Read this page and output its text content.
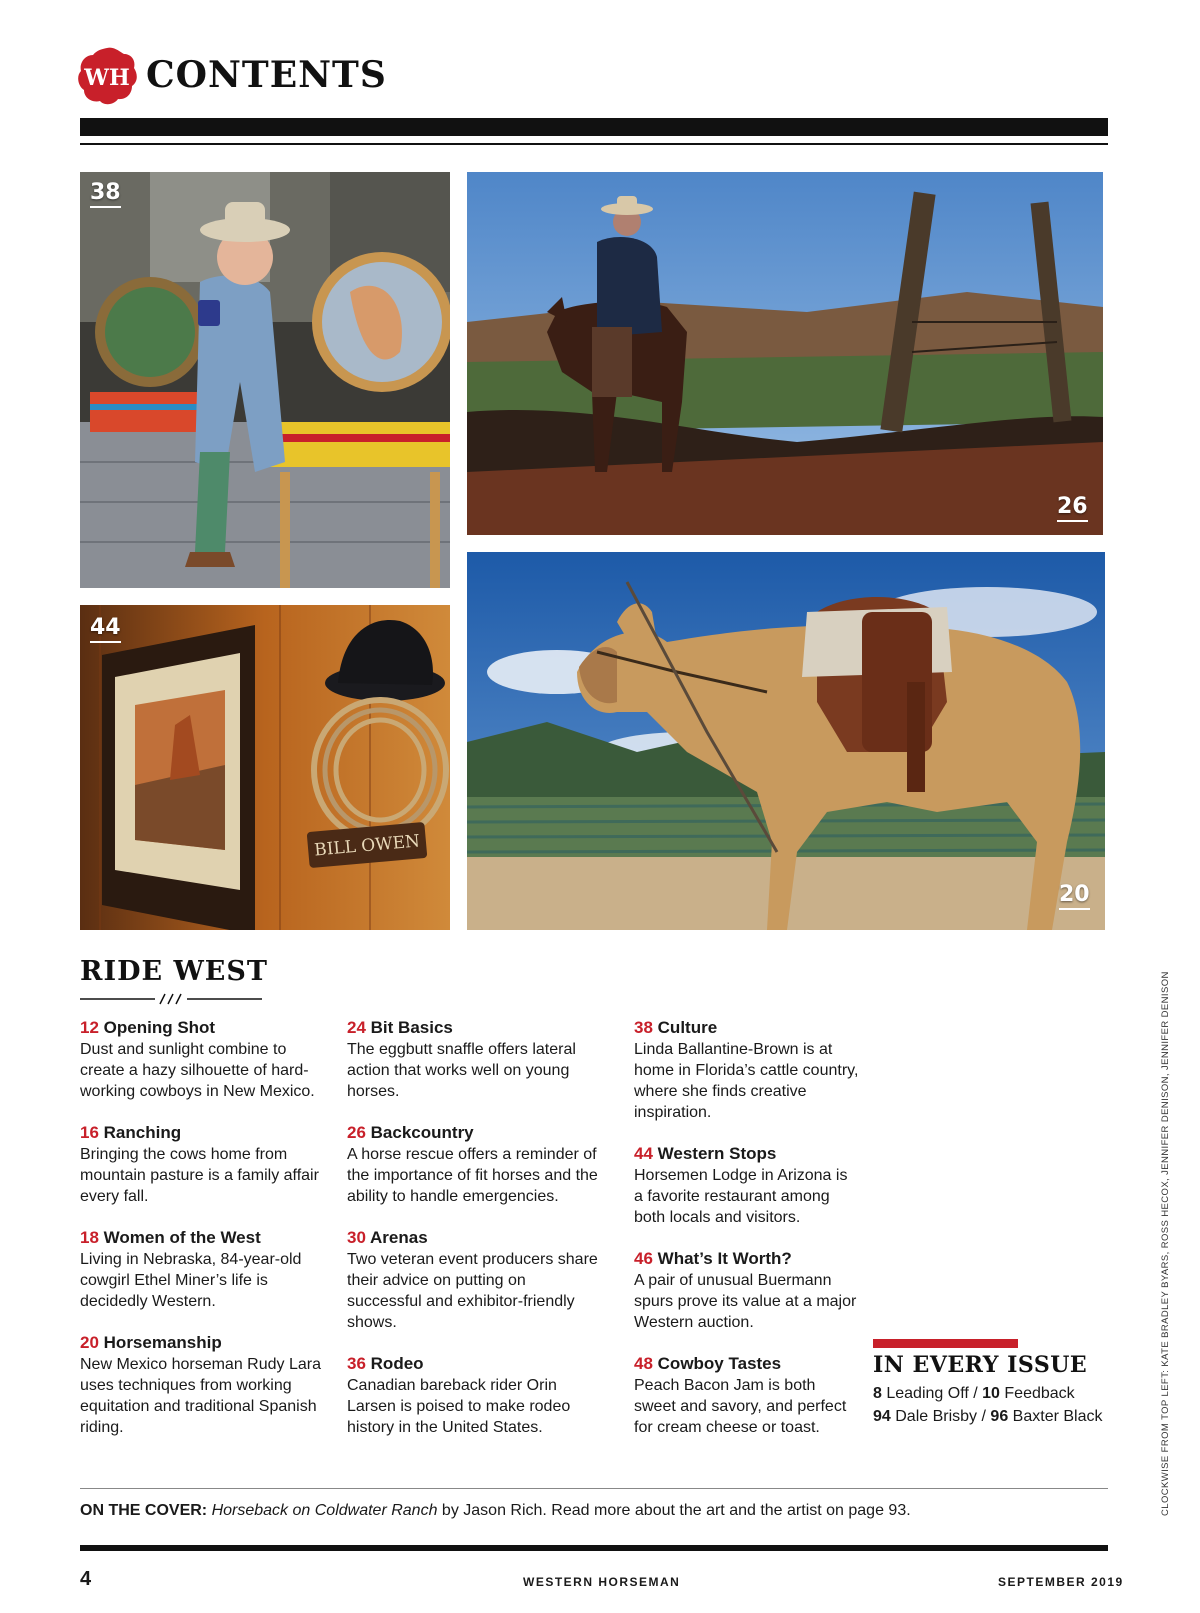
WH CONTENTS
38
26
BILL OWEN
44
20
RIDE WEST
12 Opening Shot
Dust and sunlight combine to create a hazy silhouette of hard-working cowboys in New Mexico.
16 Ranching
Bringing the cows home from mountain pasture is a family affair every fall.
18 Women of the West
Living in Nebraska, 84-year-old cowgirl Ethel Miner’s life is decidedly Western.
20 Horsemanship
New Mexico horseman Rudy Lara uses techniques from working equitation and traditional Spanish riding.
24 Bit Basics
The eggbutt snaffle offers lateral action that works well on young horses.
26 Backcountry
A horse rescue offers a reminder of the importance of fit horses and the ability to handle emergencies.
30 Arenas
Two veteran event producers share their advice on putting on successful and exhibitor-friendly shows.
36 Rodeo
Canadian bareback rider Orin Larsen is poised to make rodeo history in the United States.
38 Culture
Linda Ballantine-Brown is at home in Florida’s cattle country, where she finds creative inspiration.
44 Western Stops
Horsemen Lodge in Arizona is a favorite restaurant among both locals and visitors.
46 What’s It Worth?
A pair of unusual Buermann spurs prove its value at a major Western auction.
48 Cowboy Tastes
Peach Bacon Jam is both sweet and savory, and perfect for cream cheese or toast.
IN EVERY ISSUE
8 Leading Off / 10 Feedback
94 Dale Brisby / 96 Baxter Black	CLOCKWISE FROM TOP LEFT: KATE BRADLEY BYARS, ROSS HECOX, JENNIFER DENISON, JENNIFER DENISON
ON THE COVER: Horseback on Coldwater Ranch by Jason Rich. Read more about the art and the artist on page 93.
4	WESTERN HORSEMAN	SEPTEMBER 2019
